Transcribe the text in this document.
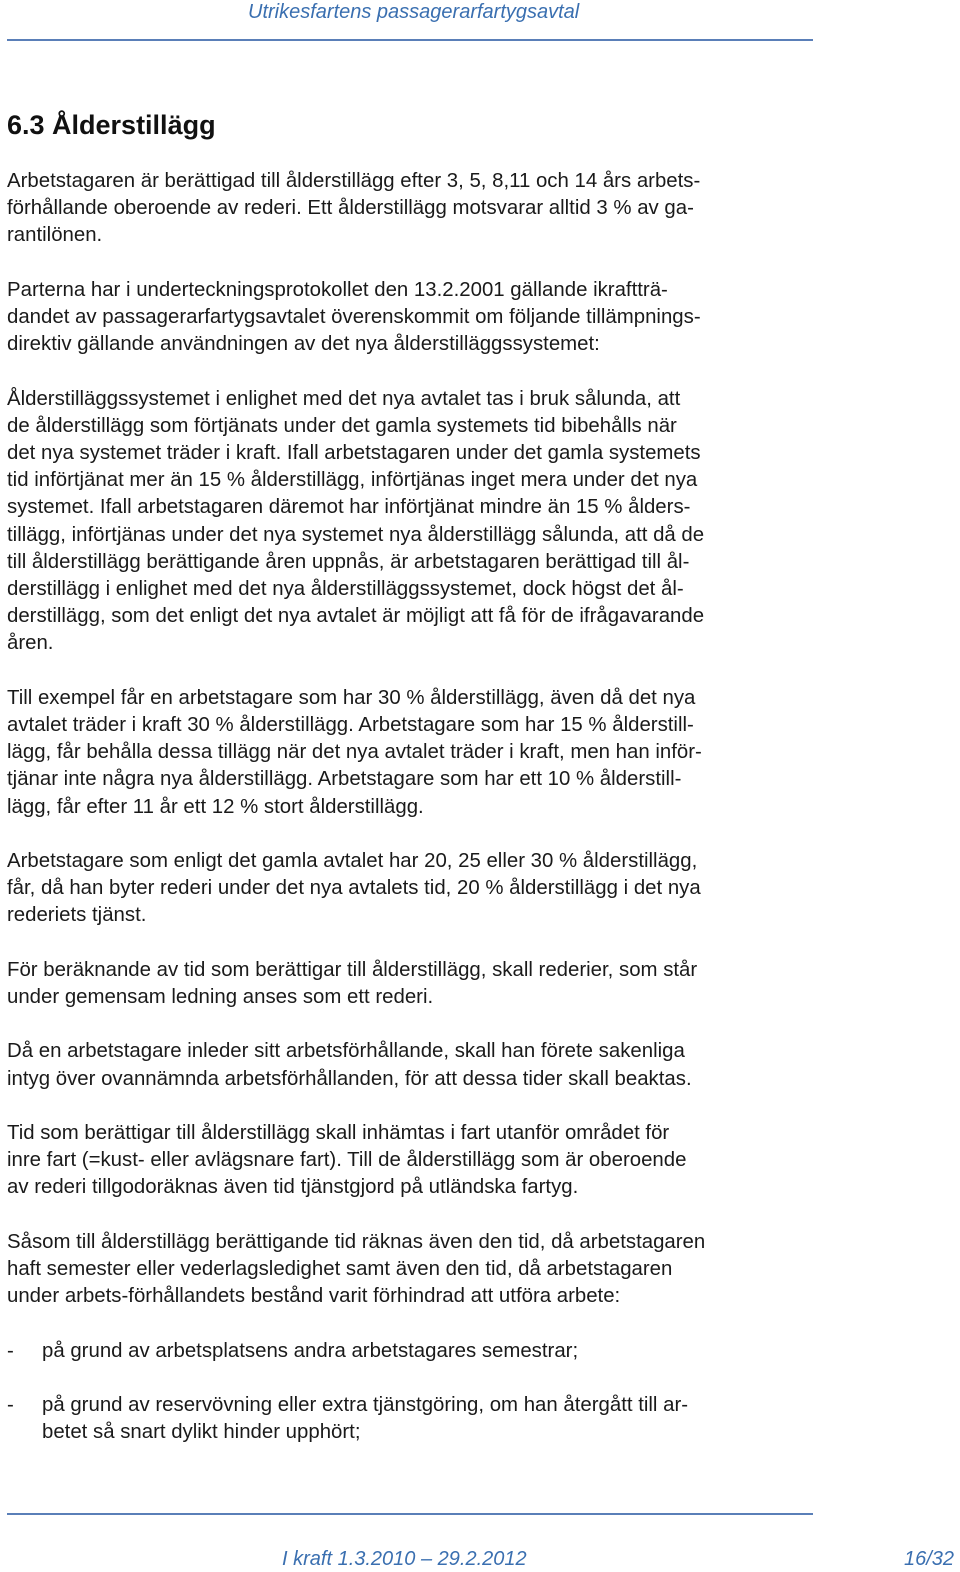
Utrikesfartens passagerarfartygsavtal
6.3 Ålderstillägg

Arbetstagaren är berättigad till ålderstillägg efter 3, 5, 8,11 och 14 års arbets-
förhållande oberoende av rederi. Ett ålderstillägg motsvarar alltid 3 % av ga-
rantilönen.

Parterna har i underteckningsprotokollet den 13.2.2001 gällande ikraftträ-
dandet av passagerarfartygsavtalet överenskommit om följande tillämpnings-
direktiv gällande användningen av det nya ålderstilläggssystemet:

Ålderstilläggssystemet i enlighet med det nya avtalet tas i bruk sålunda, att
de ålderstillägg som förtjänats under det gamla systemets tid bibehålls när
det nya systemet träder i kraft. Ifall arbetstagaren under det gamla systemets
tid införtjänat mer än 15 % ålderstillägg, införtjänas inget mera under det nya
systemet. Ifall arbetstagaren däremot har införtjänat mindre än 15 % ålders-
tillägg, införtjänas under det nya systemet nya ålderstillägg sålunda, att då de
till ålderstillägg berättigande åren uppnås, är arbetstagaren berättigad till ål-
derstillägg i enlighet med det nya ålderstilläggssystemet, dock högst det ål-
derstillägg, som det enligt det nya avtalet är möjligt att få för de ifrågavarande
åren.

Till exempel får en arbetstagare som har 30 % ålderstillägg, även då det nya
avtalet träder i kraft 30 % ålderstillägg. Arbetstagare som har 15 % ålderstill-
lägg, får behålla dessa tillägg när det nya avtalet träder i kraft, men han inför-
tjänar inte några nya ålderstillägg. Arbetstagare som har ett 10 % ålderstill-
lägg, får efter 11 år ett 12 % stort ålderstillägg.

Arbetstagare som enligt det gamla avtalet har 20, 25 eller 30 % ålderstillägg,
får, då han byter rederi under det nya avtalets tid, 20 % ålderstillägg i det nya
rederiets tjänst.

För beräknande av tid som berättigar till ålderstillägg, skall rederier, som står
under gemensam ledning anses som ett rederi.

Då en arbetstagare inleder sitt arbetsförhållande, skall han förete sakenliga
intyg över ovannämnda arbetsförhållanden, för att dessa tider skall beaktas.

Tid som berättigar till ålderstillägg skall inhämtas i fart utanför området för
inre fart (=kust- eller avlägsnare fart). Till de ålderstillägg som är oberoende
av rederi tillgodoräknas även tid tjänstgjord på utländska fartyg.

Såsom till ålderstillägg berättigande tid räknas även den tid, då arbetstagaren
haft semester eller vederlagsledighet samt även den tid, då arbetstagaren
under arbets-förhållandets bestånd varit förhindrad att utföra arbete:

- på grund av arbetsplatsens andra arbetstagares semestrar;
- på grund av reservövning eller extra tjänstgöring, om han återgått till ar-
betet så snart dylikt hinder upphört;
I kraft 1.3.2010 – 29.2.2012	16/32
